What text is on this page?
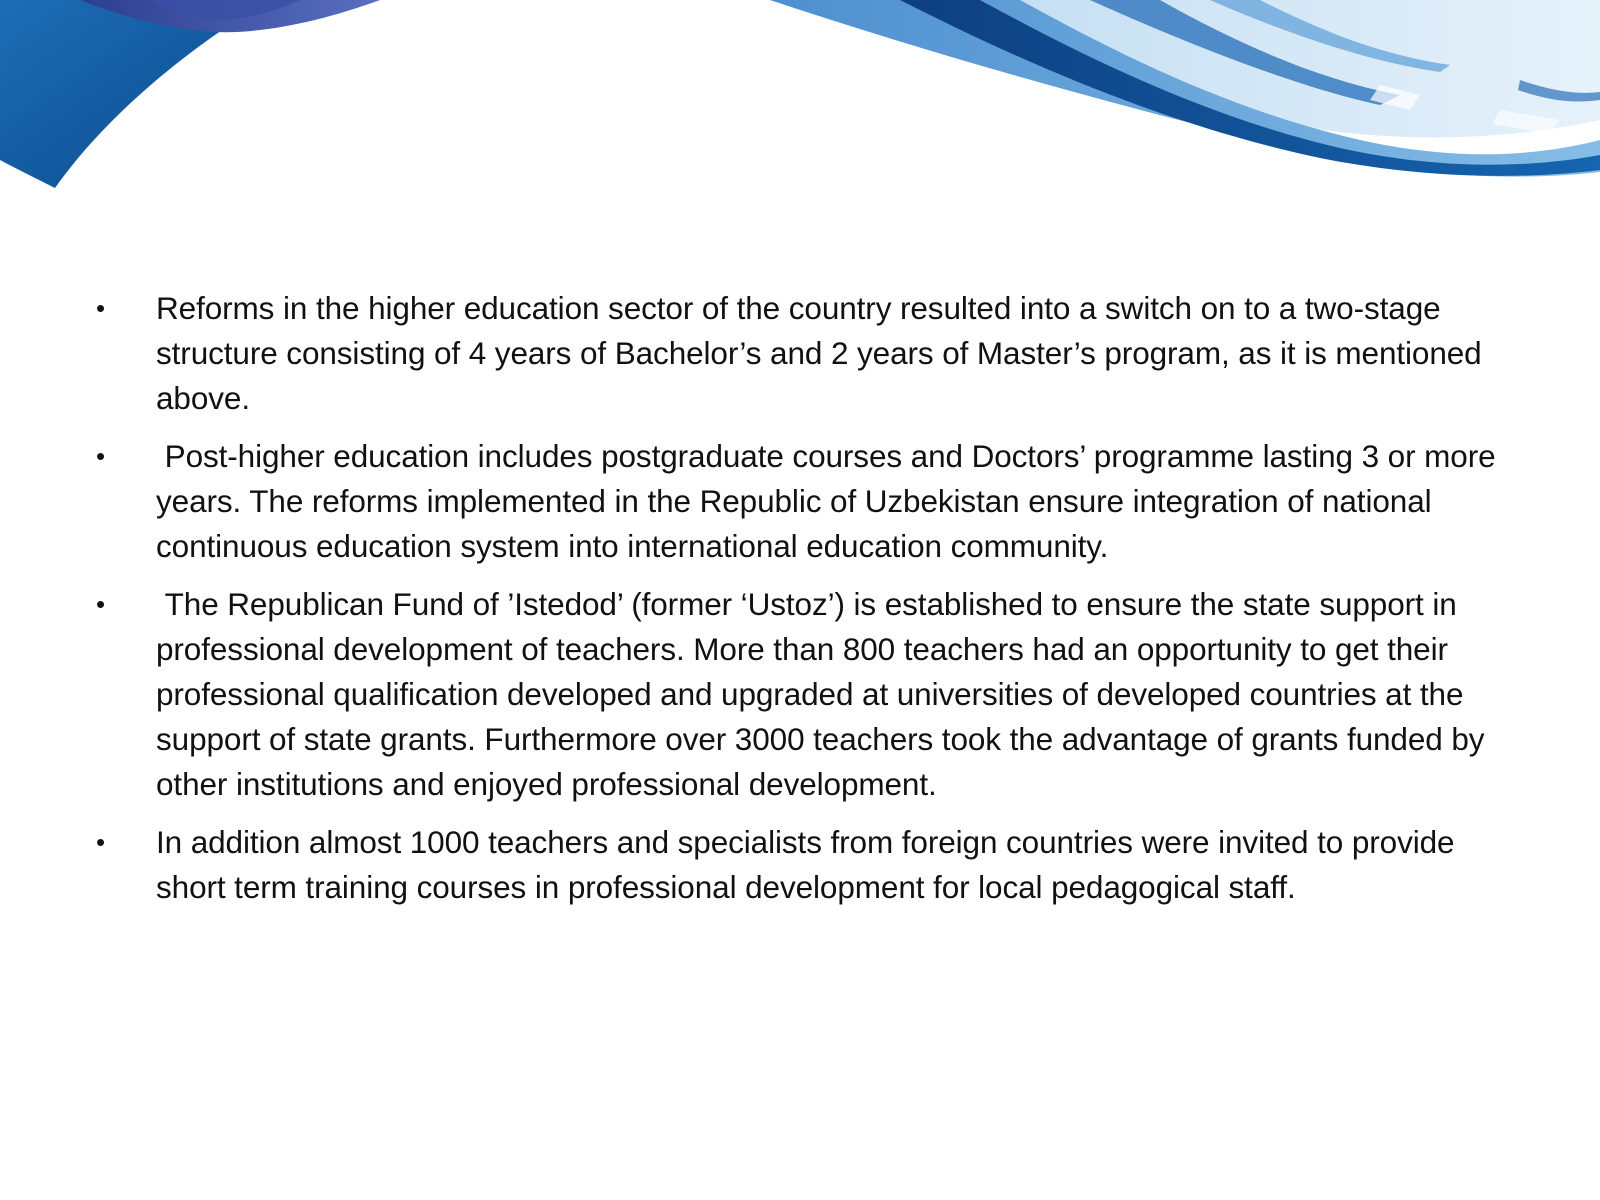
•	Reforms in the higher education sector of the country resulted into a switch on to a two-stage structure consisting of 4 years of Bachelor’s and 2 years of Master’s program, as it is mentioned above.
•	Post-higher education includes postgraduate courses and Doctors’ programme lasting 3 or more years. The reforms implemented in the Republic of Uzbekistan ensure integration of national continuous education system into international education community.
•	The Republican Fund of ’Istedod’ (former ‘Ustoz’) is established to ensure the state support in professional development of teachers. More than 800 teachers had an opportunity to get their professional qualification developed and upgraded at universities of developed countries at the support of state grants. Furthermore over 3000 teachers took the advantage of grants funded by other institutions and enjoyed professional development.
•	In addition almost 1000 teachers and specialists from foreign countries were invited to provide short term training courses in professional development for local pedagogical staff.
